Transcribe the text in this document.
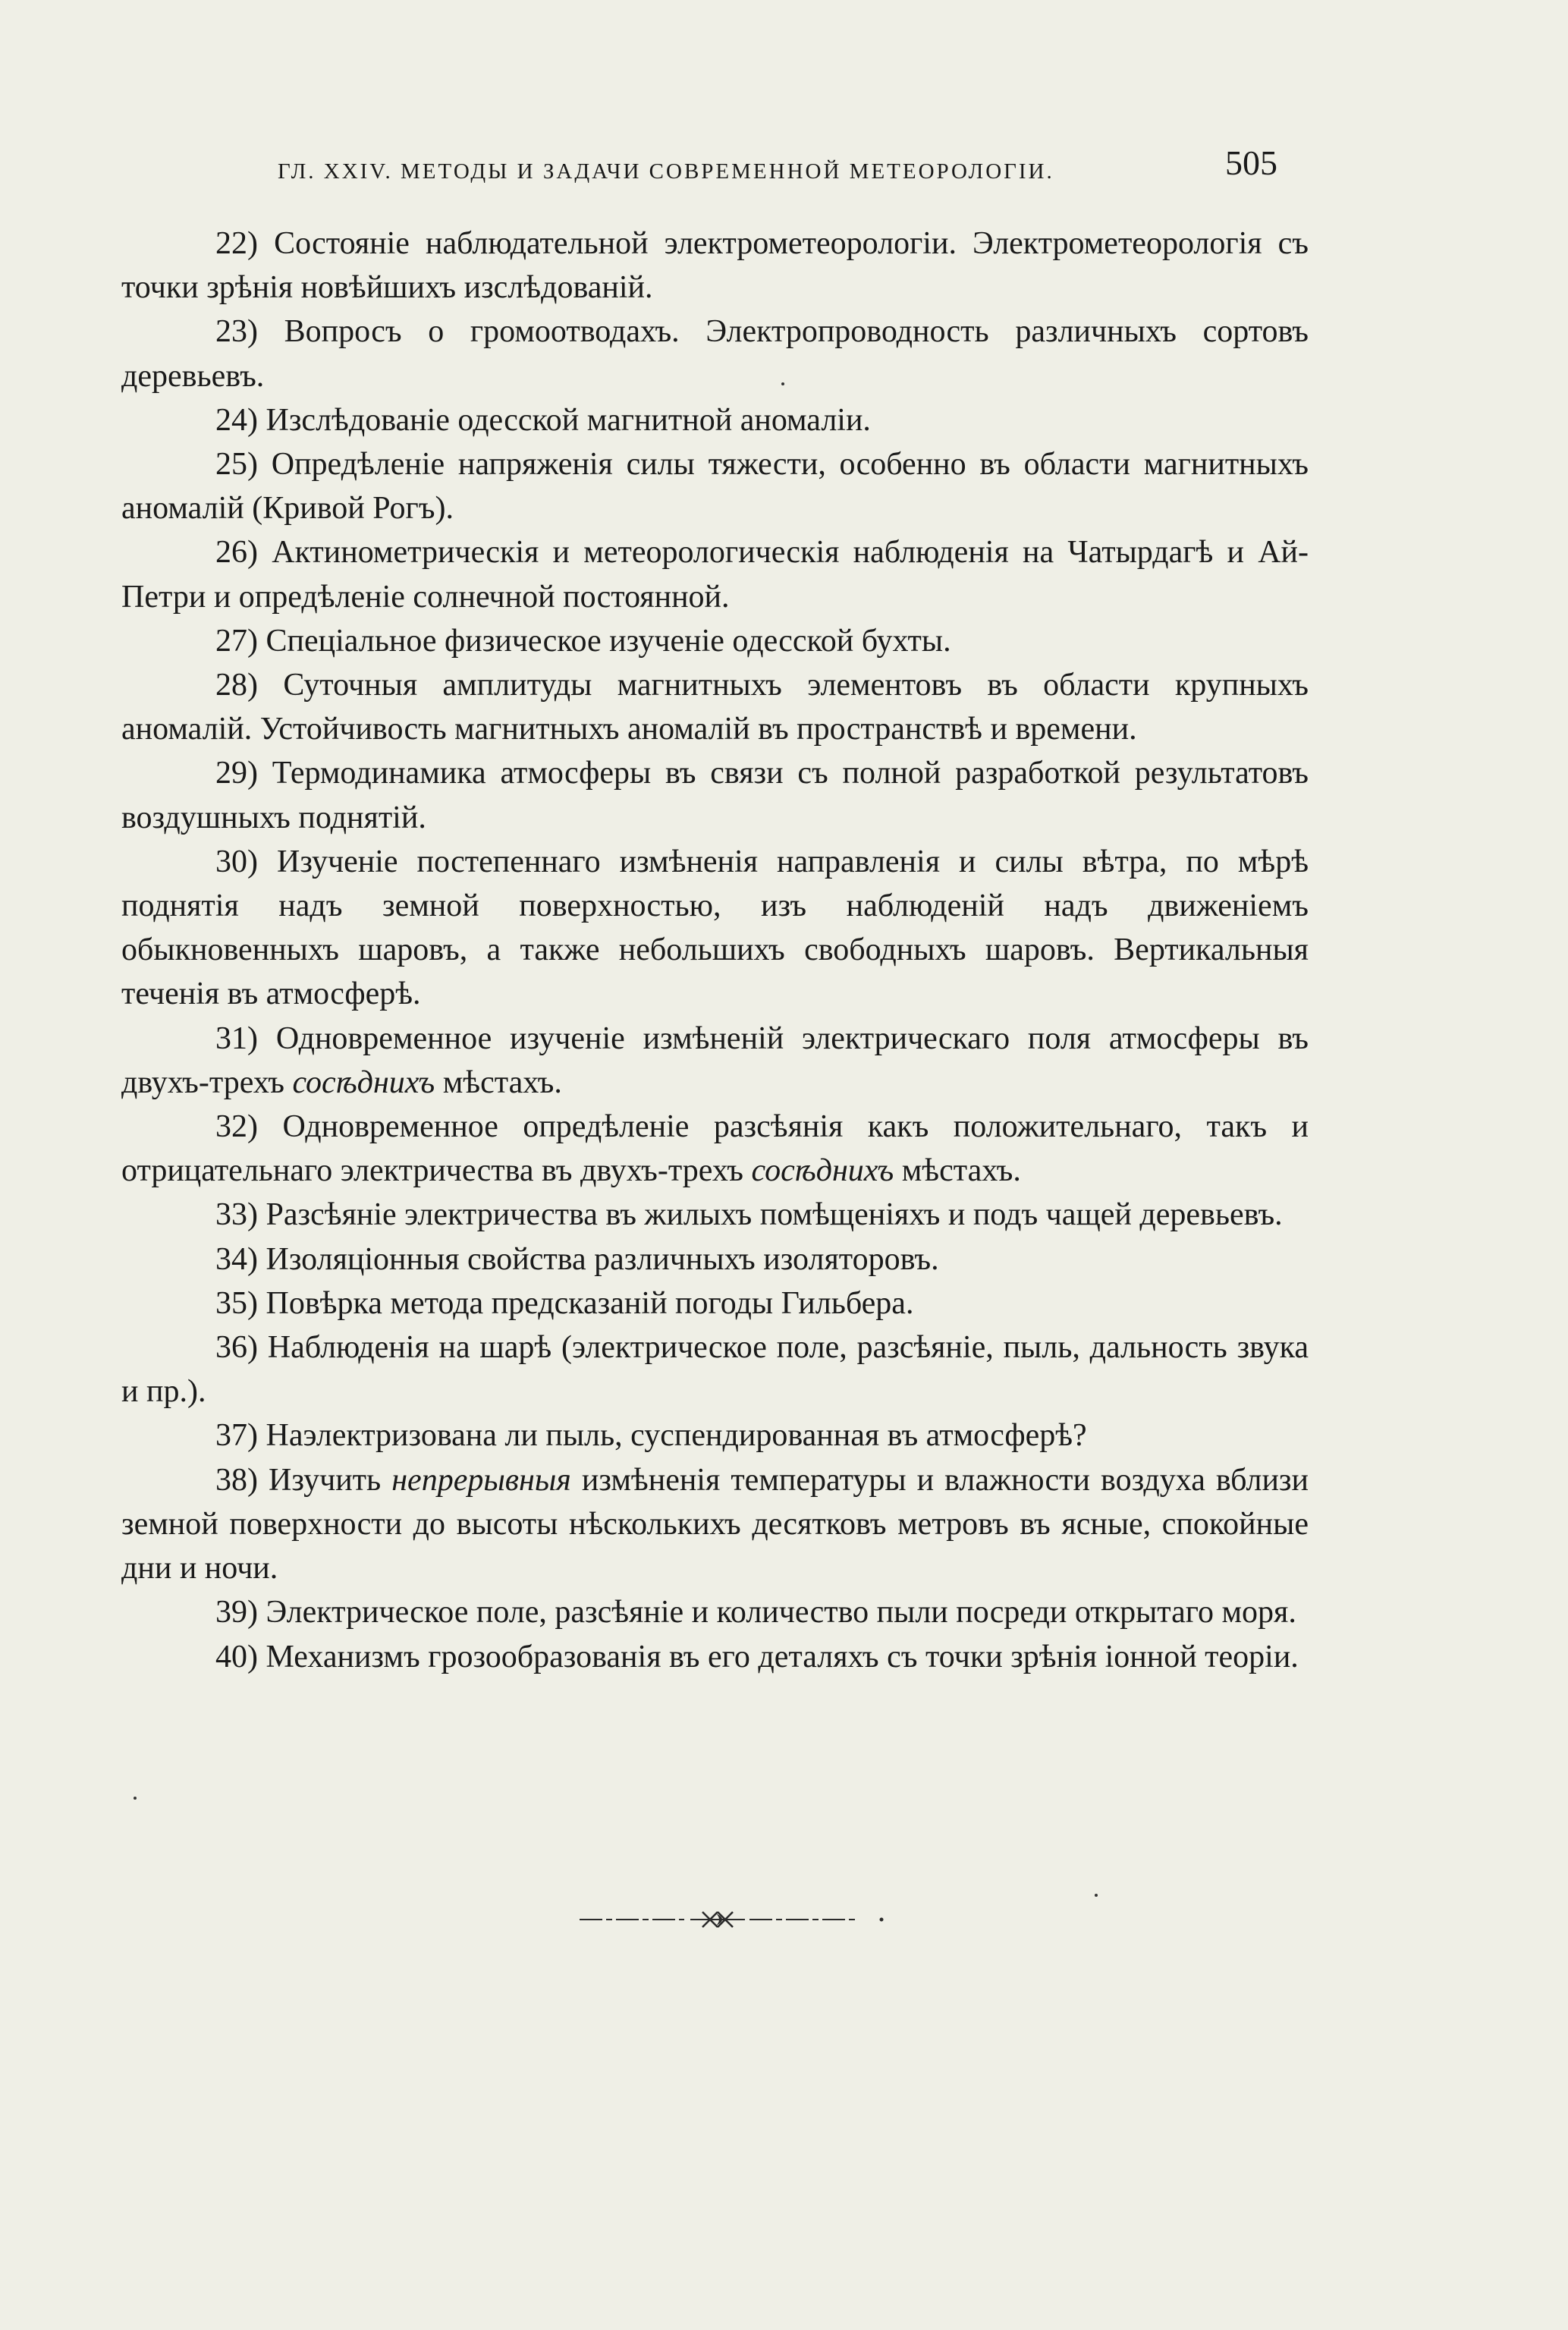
ГЛ. XXIV. МЕТОДЫ И ЗАДАЧИ СОВРЕМЕННОЙ МЕТЕОРОЛОГІИ.	505

22) Состояніе наблюдательной электрометеорологіи. Электрометеорологія съ точки зрѣнія новѣйшихъ изслѣдованій.

23) Вопросъ о громоотводахъ. Электропроводность различныхъ сортовъ деревьевъ.

24) Изслѣдованіе одесской магнитной аномаліи.

25) Опредѣленіе напряженія силы тяжести, особенно въ области магнитныхъ аномалій (Кривой Рогъ).

26) Актинометрическія и метеорологическія наблюденія на Чатырдагѣ и Ай-Петри и опредѣленіе солнечной постоянной.

27) Спеціальное физическое изученіе одесской бухты.

28) Суточныя амплитуды магнитныхъ элементовъ въ области крупныхъ аномалій. Устойчивость магнитныхъ аномалій въ пространствѣ и времени.

29) Термодинамика атмосферы въ связи съ полной разработкой результатовъ воздушныхъ поднятій.

30) Изученіе постепеннаго измѣненія направленія и силы вѣтра, по мѣрѣ поднятія надъ земной поверхностью, изъ наблюденій надъ движеніемъ обыкновенныхъ шаровъ, а также небольшихъ свободныхъ шаровъ. Вертикальныя теченія въ атмосферѣ.

31) Одновременное изученіе измѣненій электрическаго поля атмосферы въ двухъ-трехъ сосѣднихъ мѣстахъ.

32) Одновременное опредѣленіе разсѣянія какъ положительнаго, такъ и отрицательнаго электричества въ двухъ-трехъ сосѣднихъ мѣстахъ.

33) Разсѣяніе электричества въ жилыхъ помѣщеніяхъ и подъ чащей деревьевъ.

34) Изоляціонныя свойства различныхъ изоляторовъ.

35) Повѣрка метода предсказаній погоды Гильбера.

36) Наблюденія на шарѣ (электрическое поле, разсѣяніе, пыль, дальность звука и пр.).

37) Наэлектризована ли пыль, суспендированная въ атмосферѣ?

38) Изучить непрерывныя измѣненія температуры и влажности воздуха вблизи земной поверхности до высоты нѣсколькихъ десятковъ метровъ въ ясные, спокойные дни и ночи.

39) Электрическое поле, разсѣяніе и количество пыли посреди открытаго моря.

40) Механизмъ грозообразованія въ его деталяхъ съ точки зрѣнія іонной теоріи.
